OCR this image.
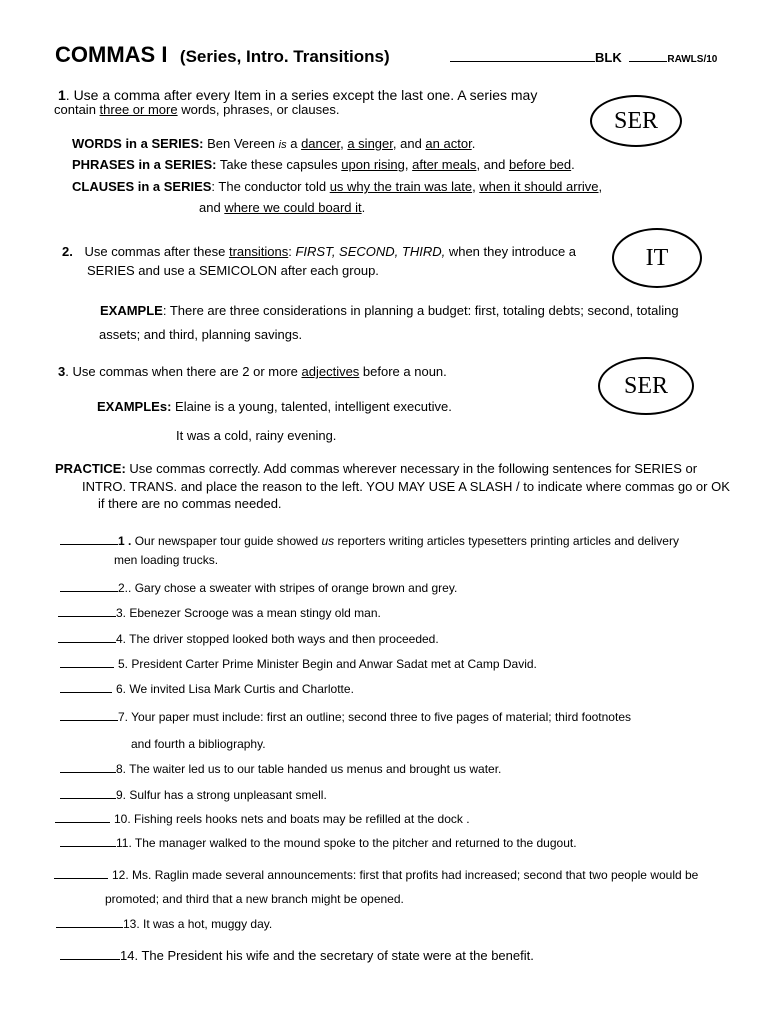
COMMAS I (Series, Intro. Transitions)	BLK	RAWLS/10
1. Use a comma after every Item in a series except the last one. A series may
contain three or more words, phrases, or clauses.	SER
WORDS in a SERIES: Ben Vereen is a dancer, a singer, and an actor.
PHRASES in a SERIES: Take these capsules upon rising, after meals, and before bed.
CLAUSES in a SERIES: The conductor told us why the train was late, when it should arrive,
and where we could board it.
2. Use commas after these transitions: FIRST, SECOND, THIRD, when they introduce a
SERIES and use a SEMICOLON after each group.	IT
EXAMPLE: There are three considerations in planning a budget: first, totaling debts; second, totaling
assets; and third, planning savings.
3. Use commas when there are 2 or more adjectives before a noun.
SER
EXAMPLEs: Elaine is a young, talented, intelligent executive.
It was a cold, rainy evening.
PRACTICE: Use commas correctly. Add commas wherever necessary in the following sentences for SERIES or
INTRO. TRANS. and place the reason to the left. YOU MAY USE A SLASH / to indicate where commas go or OK
if there are no commas needed.
1 . Our newspaper tour guide showed us reporters writing articles typesetters printing articles and delivery
men loading trucks.
2.. Gary chose a sweater with stripes of orange brown and grey.
3. Ebenezer Scrooge was a mean stingy old man.
4. The driver stopped looked both ways and then proceeded.
5. President Carter Prime Minister Begin and Anwar Sadat met at Camp David.
6. We invited Lisa Mark Curtis and Charlotte.
7. Your paper must include: first an outline; second three to five pages of material; third footnotes
and fourth a bibliography.
8. The waiter led us to our table handed us menus and brought us water.
9. Sulfur has a strong unpleasant smell.
10. Fishing reels hooks nets and boats may be refilled at the dock .
11. The manager walked to the mound spoke to the pitcher and returned to the dugout.
12. Ms. Raglin made several announcements: first that profits had increased; second that two people would be
promoted; and third that a new branch might be opened.
13. It was a hot, muggy day.
14. The President his wife and the secretary of state were at the benefit.
